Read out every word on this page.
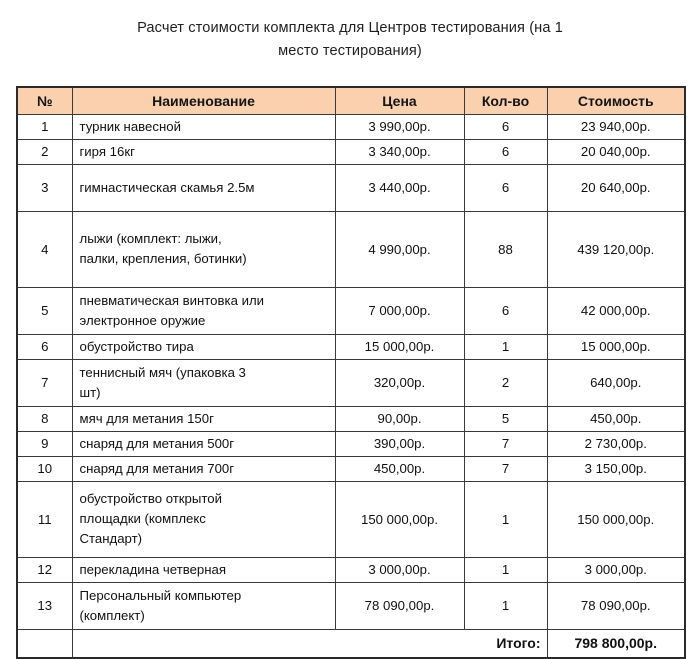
Расчет стоимости комплекта для Центров тестирования (на 1
место тестирования)
№	Наименование	Цена	Кол-во	Стоимость
1	турник навесной	3 990,00р.	6	23 940,00р.
2	гиря 16кг	3 340,00р.	6	20 040,00р.
3	гимнастическая скамья 2.5м	3 440,00р.	6	20 640,00р.
4	лыжи (комплект: лыжи,
палки, крепления, ботинки)	4 990,00р.	88	439 120,00р.
5	пневматическая винтовка или
электронное оружие	7 000,00р.	6	42 000,00р.
6	обустройство тира	15 000,00р.	1	15 000,00р.
7	теннисный мяч (упаковка 3
шт)	320,00р.	2	640,00р.
8	мяч для метания 150г	90,00р.	5	450,00р.
9	снаряд для метания 500г	390,00р.	7	2 730,00р.
10	снаряд для метания 700г	450,00р.	7	3 150,00р.
11	обустройство открытой
площадки (комплекс
Стандарт)	150 000,00р.	1	150 000,00р.
12	перекладина четверная	3 000,00р.	1	3 000,00р.
13	Персональный компьютер
(комплект)	78 090,00р.	1	78 090,00р.
	Итого:			798 800,00р.
